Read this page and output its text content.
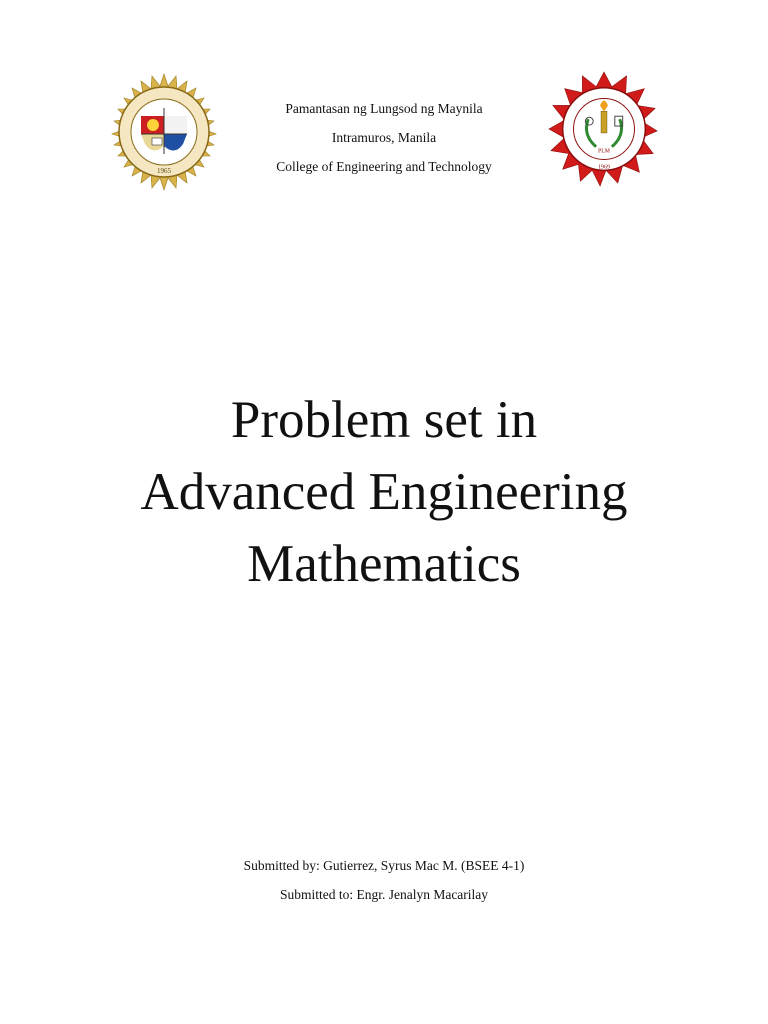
1965
PLM
1969
Pamantasan ng Lungsod ng Maynila
Intramuros, Manila
College of Engineering and Technology
Problem set in
Advanced Engineering
Mathematics
Submitted by: Gutierrez, Syrus Mac M. (BSEE 4-1)
Submitted to: Engr. Jenalyn Macarilay
